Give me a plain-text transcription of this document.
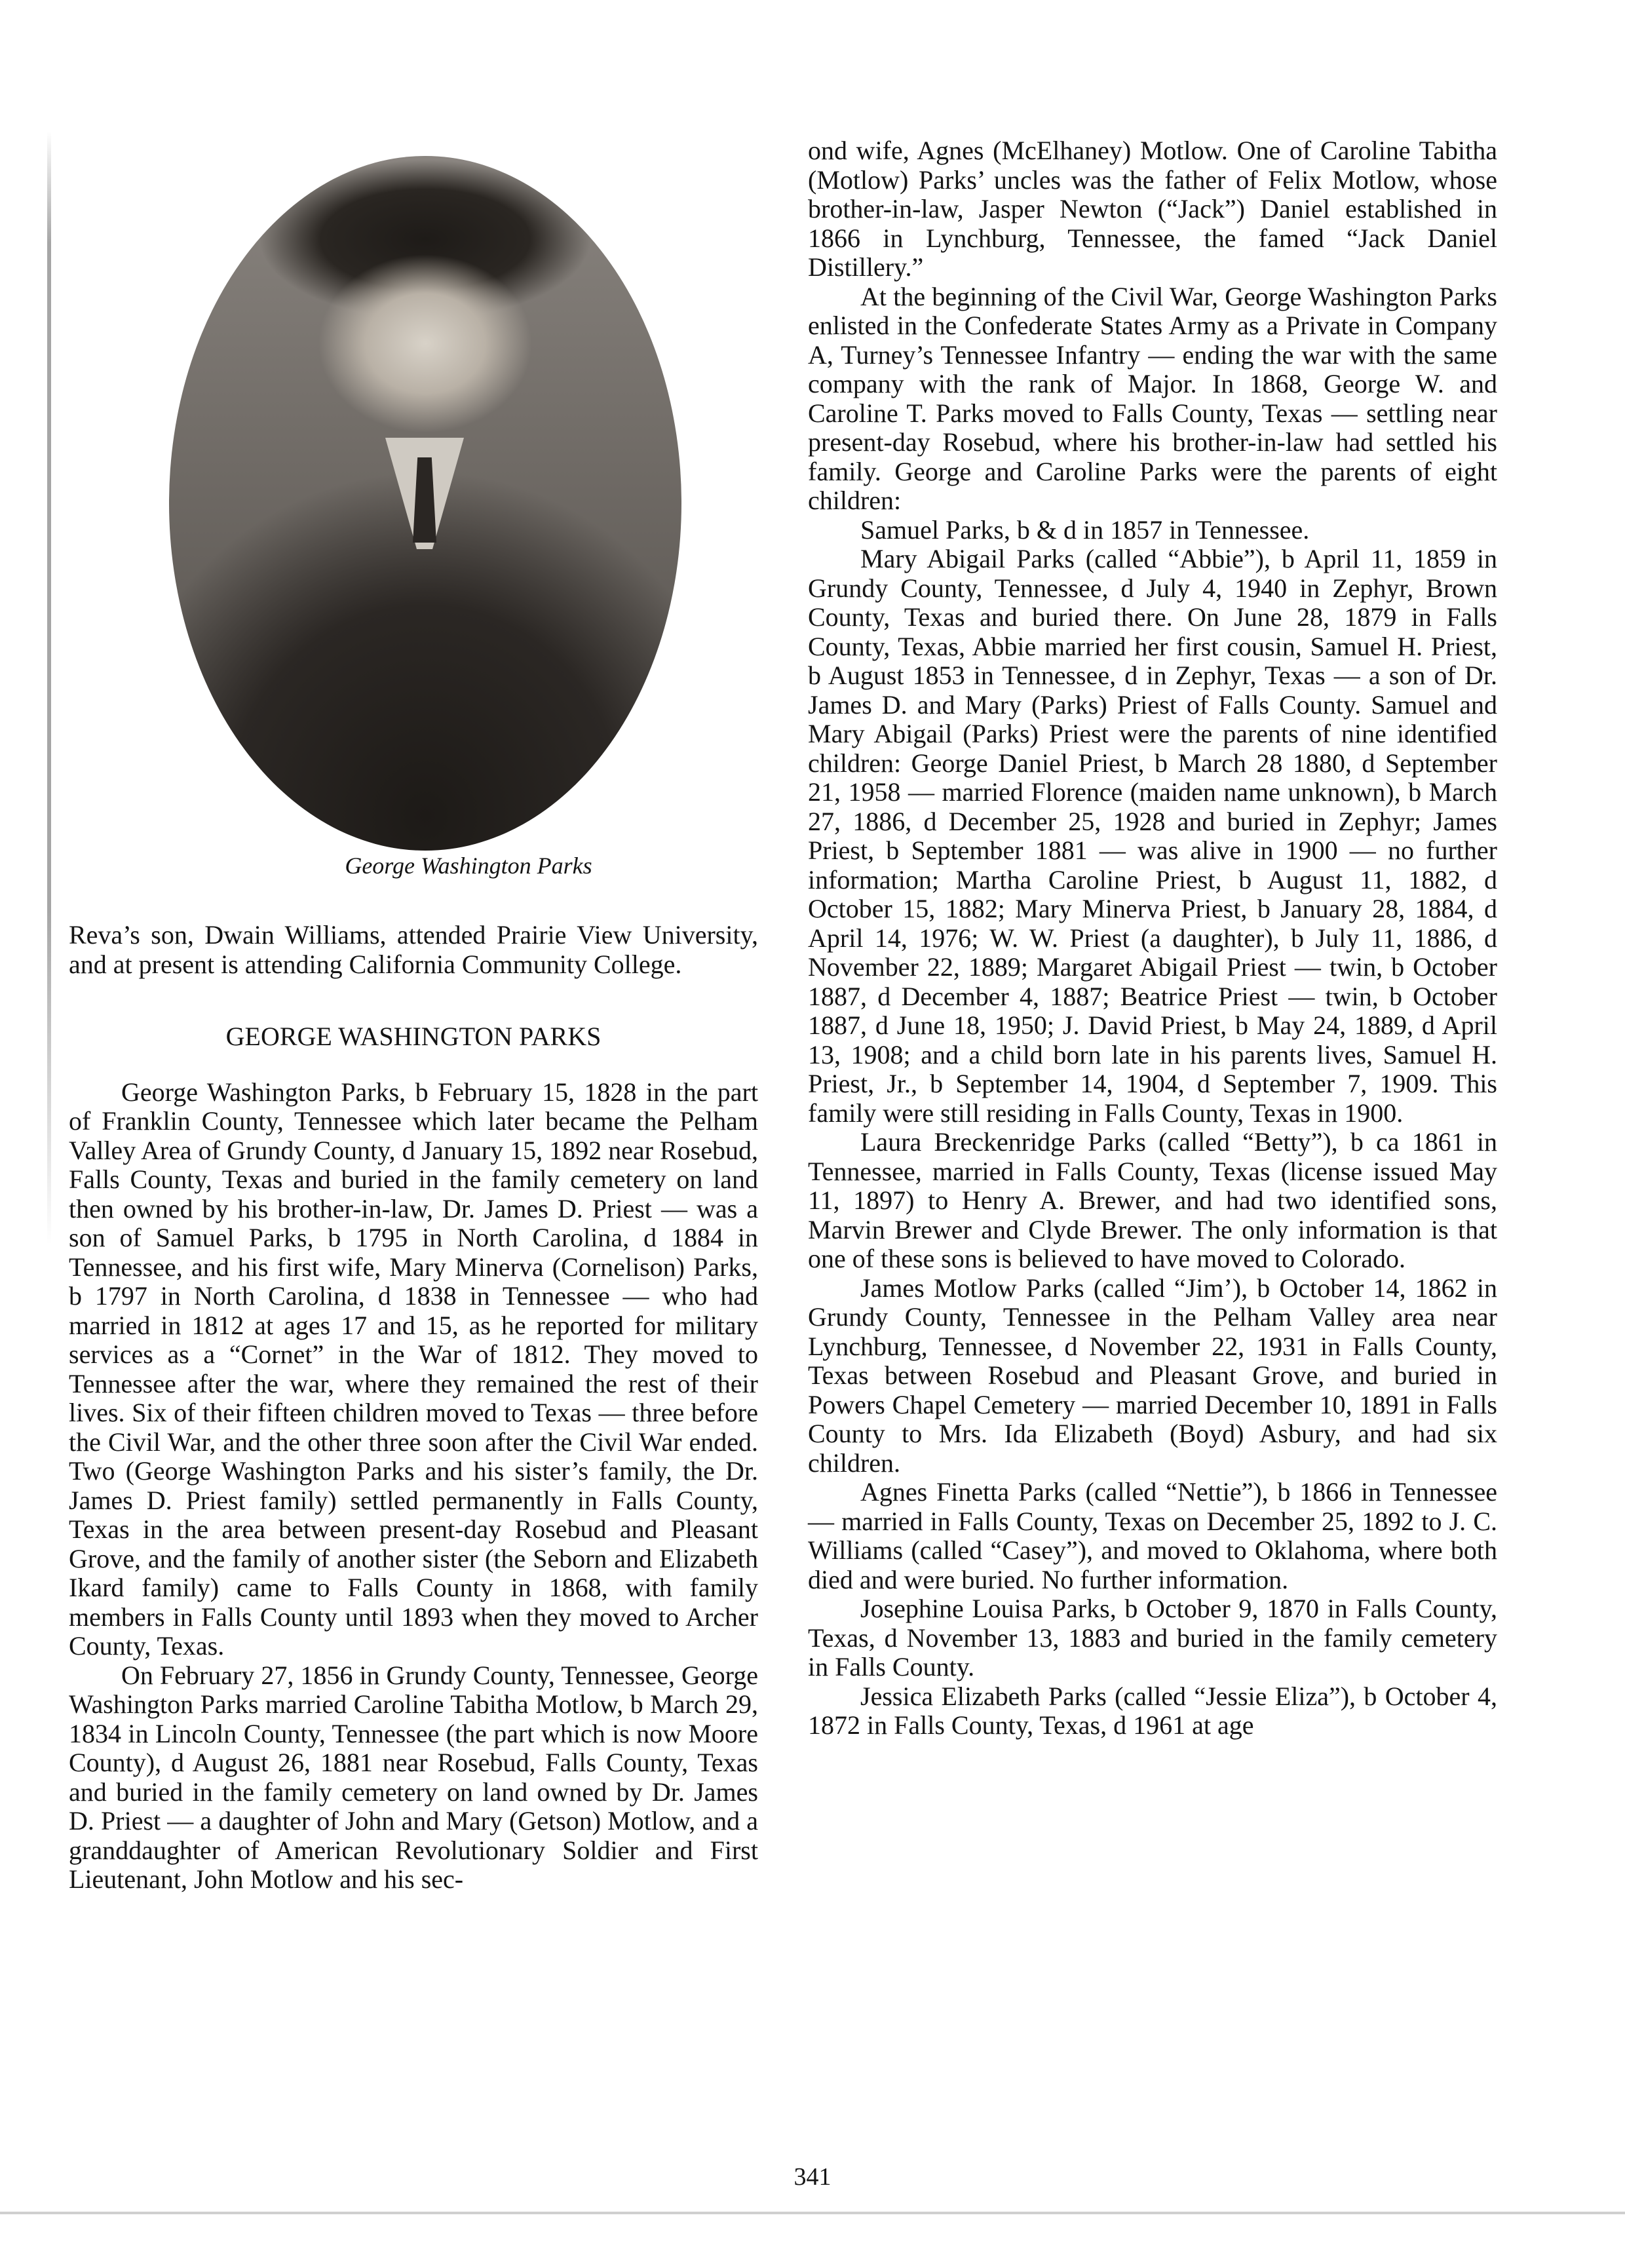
George Washington Parks

Reva’s son, Dwain Williams, attended Prairie View University, and at present is attending California Community College.

GEORGE WASHINGTON PARKS

George Washington Parks, b February 15, 1828 in the part of Franklin County, Tennessee which later became the Pelham Valley Area of Grundy County, d January 15, 1892 near Rosebud, Falls County, Texas and buried in the family cemetery on land then owned by his brother-in-law, Dr. James D. Priest — was a son of Samuel Parks, b 1795 in North Carolina, d 1884 in Tennessee, and his first wife, Mary Minerva (Cornelison) Parks, b 1797 in North Carolina, d 1838 in Tennessee — who had married in 1812 at ages 17 and 15, as he reported for military services as a “Cornet” in the War of 1812. They moved to Tennessee after the war, where they remained the rest of their lives. Six of their fifteen children moved to Texas — three before the Civil War, and the other three soon after the Civil War ended. Two (George Washington Parks and his sister’s family, the Dr. James D. Priest family) settled permanently in Falls County, Texas in the area between present-day Rosebud and Pleasant Grove, and the family of another sister (the Seborn and Elizabeth Ikard family) came to Falls County in 1868, with family members in Falls County until 1893 when they moved to Archer County, Texas.

On February 27, 1856 in Grundy County, Tennessee, George Washington Parks married Caroline Tabitha Motlow, b March 29, 1834 in Lincoln County, Tennessee (the part which is now Moore County), d August 26, 1881 near Rosebud, Falls County, Texas and buried in the family cemetery on land owned by Dr. James D. Priest — a daughter of John and Mary (Getson) Motlow, and a granddaughter of American Revolutionary Soldier and First Lieutenant, John Motlow and his sec-

ond wife, Agnes (McElhaney) Motlow. One of Caroline Tabitha (Motlow) Parks’ uncles was the father of Felix Motlow, whose brother-in-law, Jasper Newton (“Jack”) Daniel established in 1866 in Lynchburg, Tennessee, the famed “Jack Daniel Distillery.”

At the beginning of the Civil War, George Washington Parks enlisted in the Confederate States Army as a Private in Company A, Turney’s Tennessee Infantry — ending the war with the same company with the rank of Major. In 1868, George W. and Caroline T. Parks moved to Falls County, Texas — settling near present-day Rosebud, where his brother-in-law had settled his family. George and Caroline Parks were the parents of eight children:

Samuel Parks, b & d in 1857 in Tennessee.

Mary Abigail Parks (called “Abbie”), b April 11, 1859 in Grundy County, Tennessee, d July 4, 1940 in Zephyr, Brown County, Texas and buried there. On June 28, 1879 in Falls County, Texas, Abbie married her first cousin, Samuel H. Priest, b August 1853 in Tennessee, d in Zephyr, Texas — a son of Dr. James D. and Mary (Parks) Priest of Falls County. Samuel and Mary Abigail (Parks) Priest were the parents of nine identified children: George Daniel Priest, b March 28 1880, d September 21, 1958 — married Florence (maiden name unknown), b March 27, 1886, d December 25, 1928 and buried in Zephyr; James Priest, b September 1881 — was alive in 1900 — no further information; Martha Caroline Priest, b August 11, 1882, d October 15, 1882; Mary Minerva Priest, b January 28, 1884, d April 14, 1976; W. W. Priest (a daughter), b July 11, 1886, d November 22, 1889; Margaret Abigail Priest — twin, b October 1887, d December 4, 1887; Beatrice Priest — twin, b October 1887, d June 18, 1950; J. David Priest, b May 24, 1889, d April 13, 1908; and a child born late in his parents lives, Samuel H. Priest, Jr., b September 14, 1904, d September 7, 1909. This family were still residing in Falls County, Texas in 1900.

Laura Breckenridge Parks (called “Betty”), b ca 1861 in Tennessee, married in Falls County, Texas (license issued May 11, 1897) to Henry A. Brewer, and had two identified sons, Marvin Brewer and Clyde Brewer. The only information is that one of these sons is believed to have moved to Colorado.

James Motlow Parks (called “Jim’), b October 14, 1862 in Grundy County, Tennessee in the Pelham Valley area near Lynchburg, Tennessee, d November 22, 1931 in Falls County, Texas between Rosebud and Pleasant Grove, and buried in Powers Chapel Cemetery — married December 10, 1891 in Falls County to Mrs. Ida Elizabeth (Boyd) Asbury, and had six children.

Agnes Finetta Parks (called “Nettie”), b 1866 in Tennessee — married in Falls County, Texas on December 25, 1892 to J. C. Williams (called “Casey”), and moved to Oklahoma, where both died and were buried. No further information.

Josephine Louisa Parks, b October 9, 1870 in Falls County, Texas, d November 13, 1883 and buried in the family cemetery in Falls County.

Jessica Elizabeth Parks (called “Jessie Eliza”), b October 4, 1872 in Falls County, Texas, d 1961 at age

341
